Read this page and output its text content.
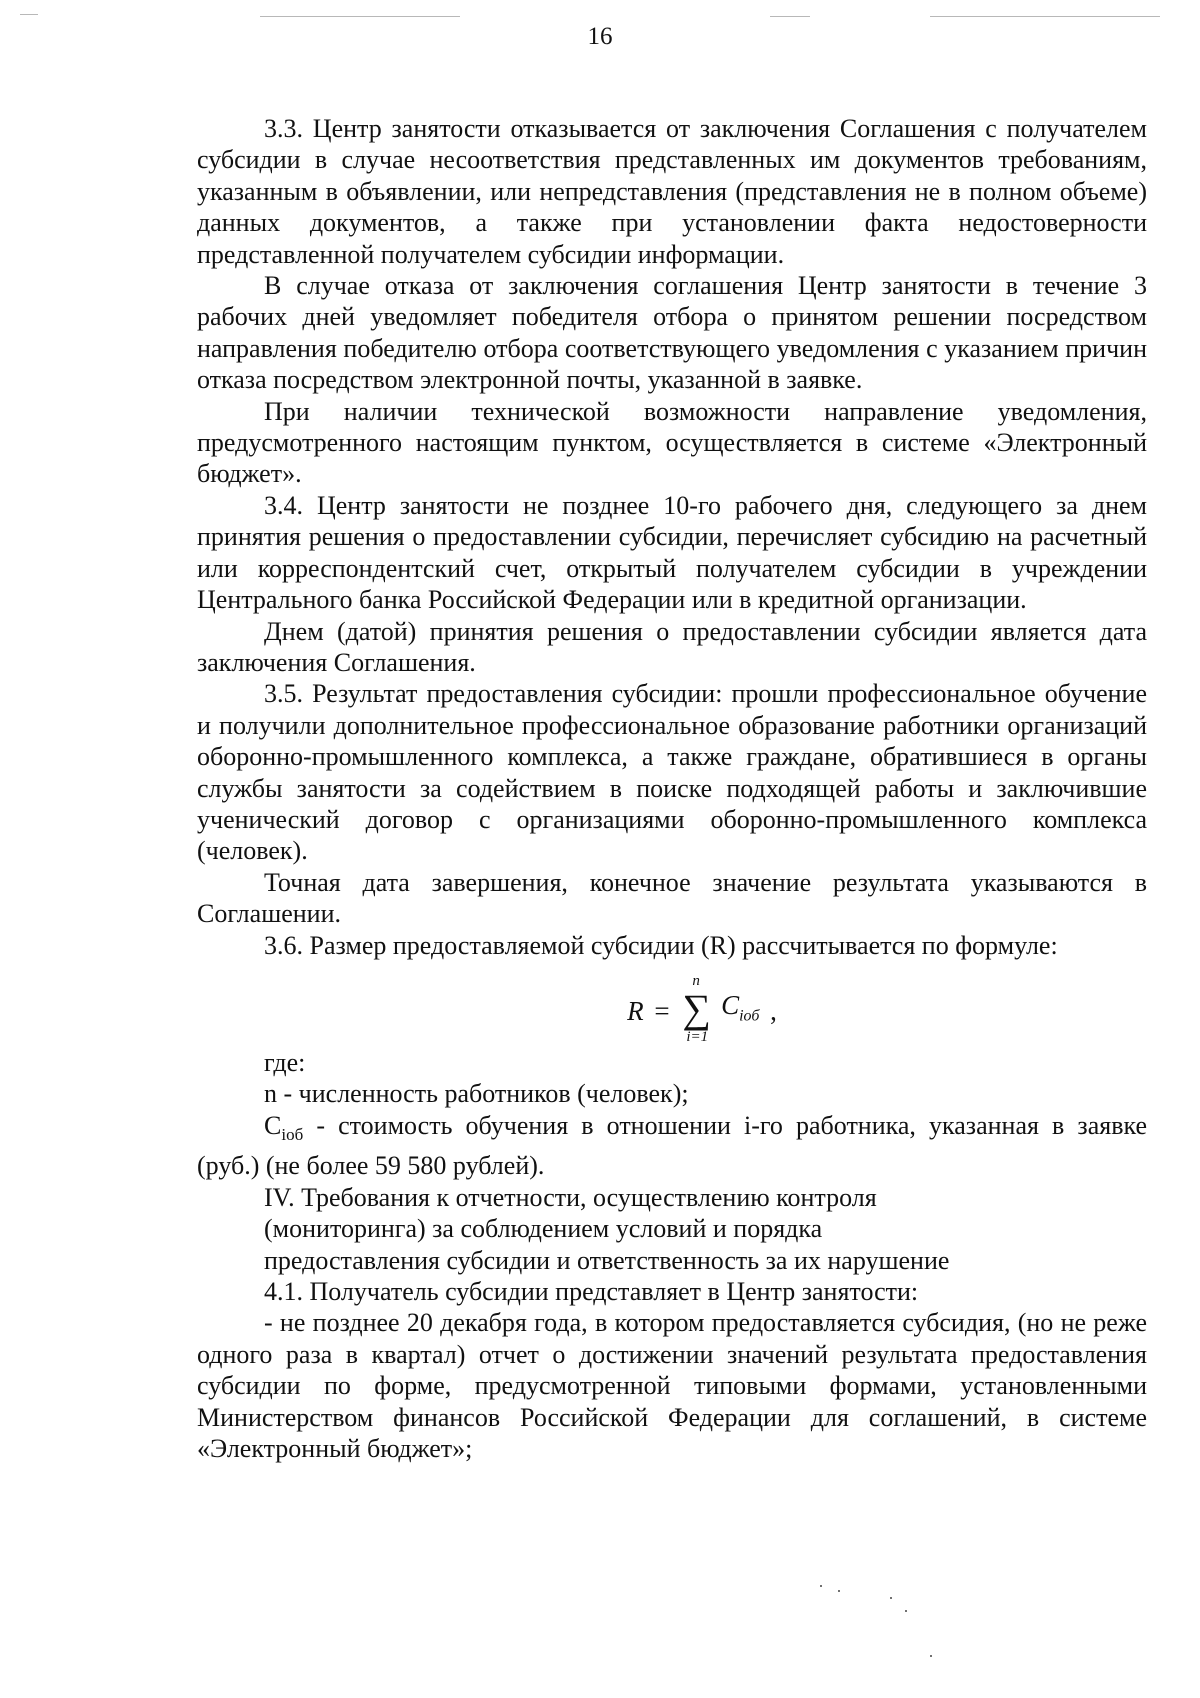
16

3.3. Центр занятости отказывается от заключения Соглашения с получателем субсидии в случае несоответствия представленных им документов требованиям, указанным в объявлении, или непредставления (представления не в полном объеме) данных документов, а также при установлении факта недостоверности представленной получателем субсидии информации.

В случае отказа от заключения соглашения Центр занятости в течение 3 рабочих дней уведомляет победителя отбора о принятом решении посредством направления победителю отбора соответствующего уведомления с указанием причин отказа посредством электронной почты, указанной в заявке.

При наличии технической возможности направление уведомления, предусмотренного настоящим пунктом, осуществляется в системе «Электронный бюджет».

3.4. Центр занятости не позднее 10-го рабочего дня, следующего за днем принятия решения о предоставлении субсидии, перечисляет субсидию на расчетный или корреспондентский счет, открытый получателем субсидии в учреждении Центрального банка Российской Федерации или в кредитной организации.

Днем (датой) принятия решения о предоставлении субсидии является дата заключения Соглашения.

3.5. Результат предоставления субсидии: прошли профессиональное обучение и получили дополнительное профессиональное образование работники организаций оборонно-промышленного комплекса, а также граждане, обратившиеся в органы службы занятости за содействием в поиске подходящей работы и заключившие ученический договор с организациями оборонно-промышленного комплекса (человек).

Точная дата завершения, конечное значение результата указываются в Соглашении.

3.6. Размер предоставляемой субсидии (R) рассчитывается по формуле:

R =
n
∑
i=1
$C_{iоб}$ ,

где:

n - численность работников (человек);

$C_{iоб}$ - стоимость обучения в отношении i-го работника, указанная в заявке (руб.) (не более 59 580 рублей).

IV. Требования к отчетности, осуществлению контроля
(мониторинга) за соблюдением условий и порядка
предоставления субсидии и ответственность за их нарушение

4.1. Получатель субсидии представляет в Центр занятости:

- не позднее 20 декабря года, в котором предоставляется субсидия, (но не реже одного раза в квартал) отчет о достижении значений результата предоставления субсидии по форме, предусмотренной типовыми формами, установленными Министерством финансов Российской Федерации для соглашений, в системе «Электронный бюджет»;
